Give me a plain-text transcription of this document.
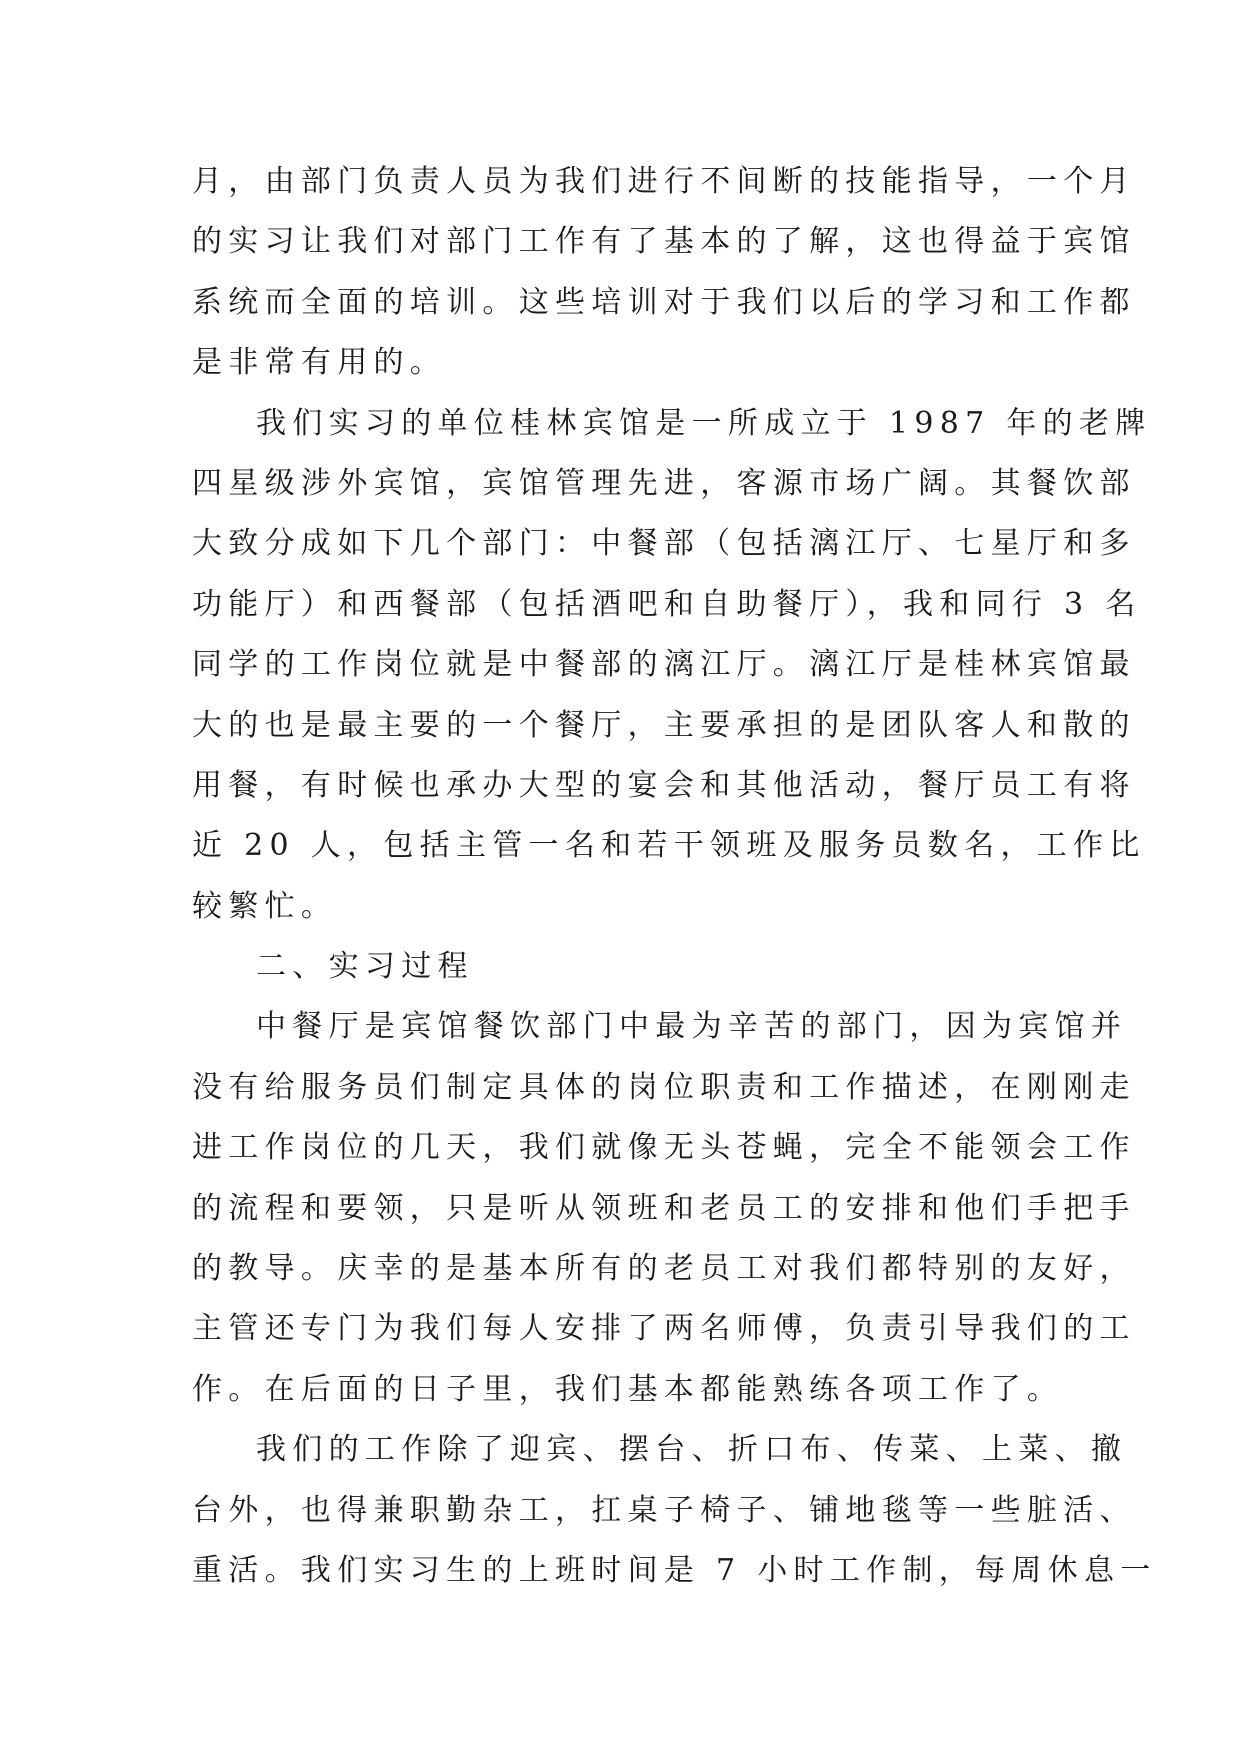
月，由部门负责人员为我们进行不间断的技能指导，一个月
的实习让我们对部门工作有了基本的了解，这也得益于宾馆
系统而全面的培训。这些培训对于我们以后的学习和工作都
是非常有用的。
我们实习的单位桂林宾馆是一所成立于 1987 年的老牌
四星级涉外宾馆，宾馆管理先进，客源市场广阔。其餐饮部
大致分成如下几个部门：中餐部（包括漓江厅、七星厅和多
功能厅）和西餐部（包括酒吧和自助餐厅），我和同行 3 名
同学的工作岗位就是中餐部的漓江厅。漓江厅是桂林宾馆最
大的也是最主要的一个餐厅，主要承担的是团队客人和散的
用餐，有时候也承办大型的宴会和其他活动，餐厅员工有将
近 20 人，包括主管一名和若干领班及服务员数名，工作比
较繁忙。
二、实习过程
中餐厅是宾馆餐饮部门中最为辛苦的部门，因为宾馆并
没有给服务员们制定具体的岗位职责和工作描述，在刚刚走
进工作岗位的几天，我们就像无头苍蝇，完全不能领会工作
的流程和要领，只是听从领班和老员工的安排和他们手把手
的教导。庆幸的是基本所有的老员工对我们都特别的友好，
主管还专门为我们每人安排了两名师傅，负责引导我们的工
作。在后面的日子里，我们基本都能熟练各项工作了。
我们的工作除了迎宾、摆台、折口布、传菜、上菜、撤
台外，也得兼职勤杂工，扛桌子椅子、铺地毯等一些脏活、
重活。我们实习生的上班时间是 7 小时工作制，每周休息一
